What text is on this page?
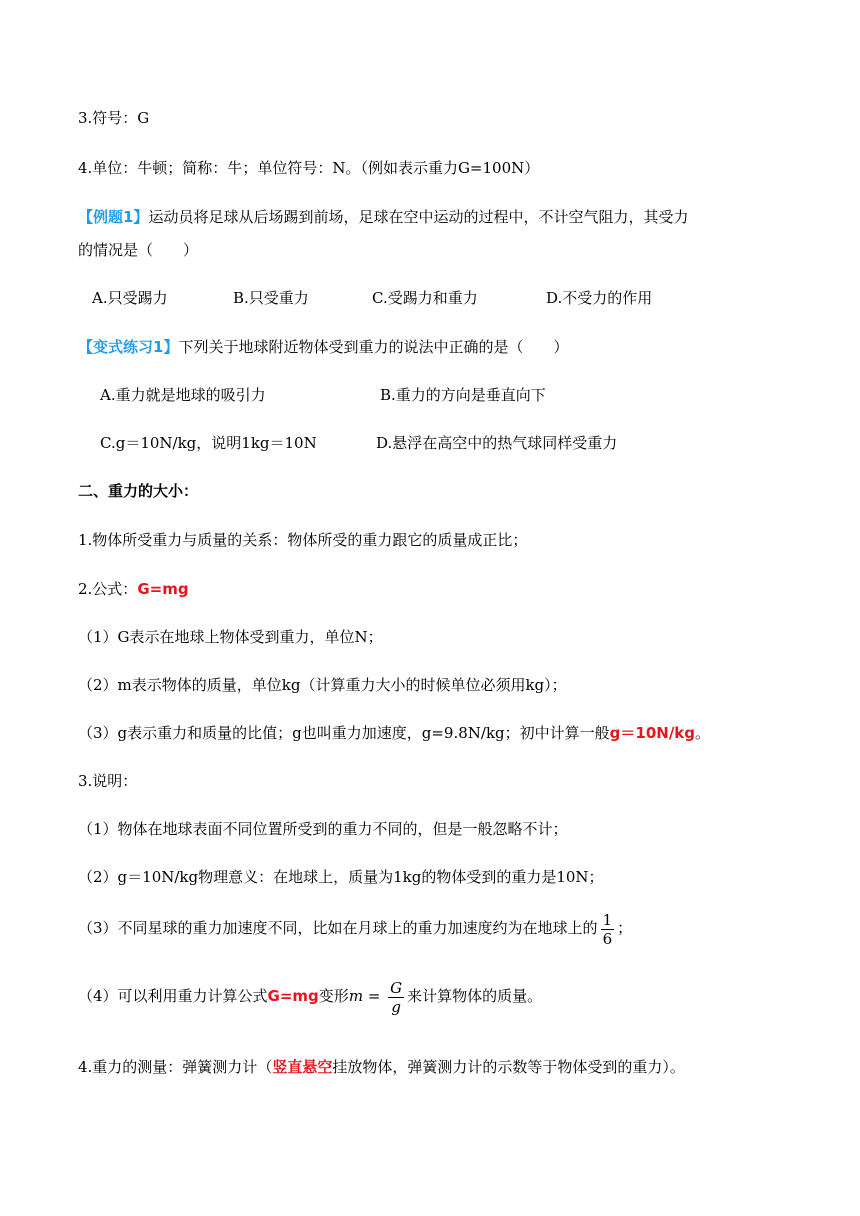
3.符号：G
4.单位：牛顿；简称：牛；单位符号：N。（例如表示重力G=100N）
【例题1】运动员将足球从后场踢到前场，足球在空中运动的过程中，不计空气阻力，其受力
的情况是（　　）
A.只受踢力	B.只受重力	C.受踢力和重力	D.不受力的作用
【变式练习1】下列关于地球附近物体受到重力的说法中正确的是（　　）
A.重力就是地球的吸引力	B.重力的方向是垂直向下
C.g＝10N/kg，说明1kg＝10N	D.悬浮在高空中的热气球同样受重力
二、重力的大小：
1.物体所受重力与质量的关系：物体所受的重力跟它的质量成正比；
2.公式：G=mg
（1）G表示在地球上物体受到重力，单位N；
（2）m表示物体的质量，单位kg（计算重力大小的时候单位必须用kg）；
（3）g表示重力和质量的比值；g也叫重力加速度，g=9.8N/kg；初中计算一般g＝10N/kg。
3.说明：
（1）物体在地球表面不同位置所受到的重力不同的，但是一般忽略不计；
（2）g＝10N/kg物理意义：在地球上，质量为1kg的物体受到的重力是10N；
（3）不同星球的重力加速度不同，比如在月球上的重力加速度约为在地球上的 $\frac{1}{6}$ ；
（4）可以利用重力计算公式G=mg变形$m = \frac{G}{g}$ 来计算物体的质量。
4.重力的测量：弹簧测力计（竖直悬空挂放物体，弹簧测力计的示数等于物体受到的重力）。
